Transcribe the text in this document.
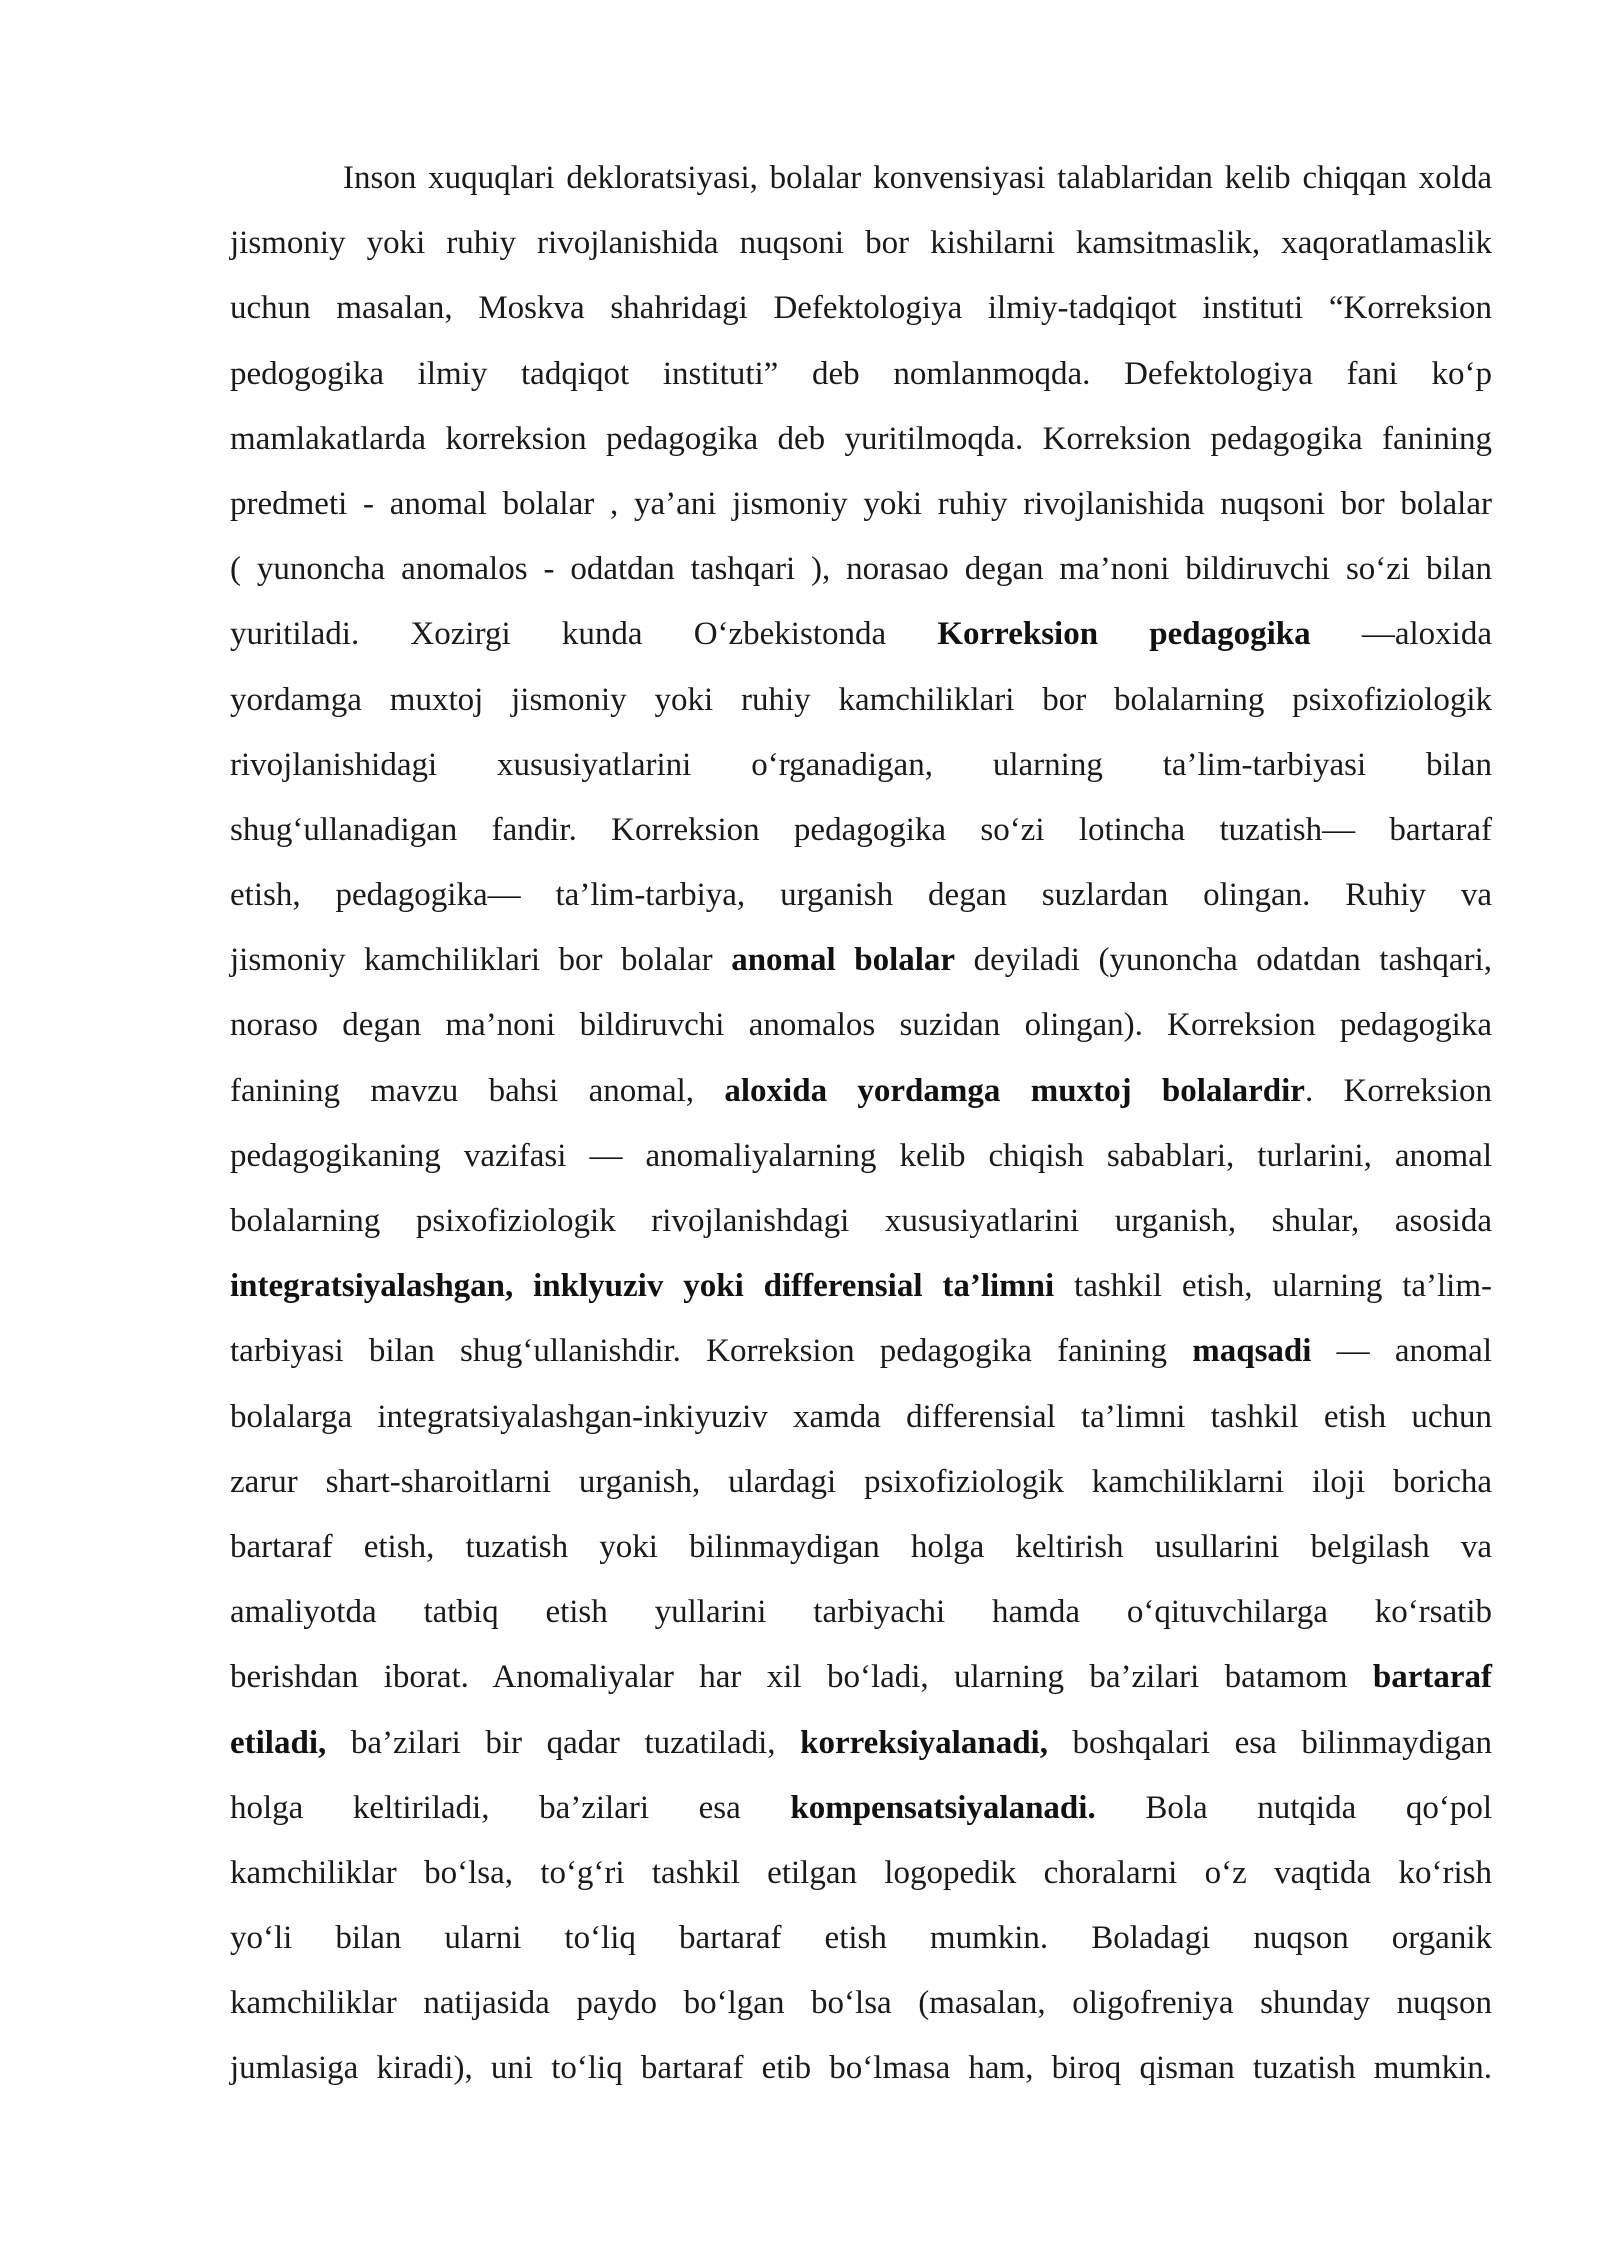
Inson xuquqlari dekloratsiyasi, bolalar konvensiyasi talablaridan kelib chiqqan xolda
jismoniy yoki ruhiy rivojlanishida nuqsoni bor kishilarni kamsitmaslik, xaqoratlamaslik
uchun masalan, Moskva shahridagi Defektologiya ilmiy-tadqiqot instituti “Korreksion
pedogogika ilmiy tadqiqot instituti” deb nomlanmoqda. Defektologiya fani koʻp
mamlakatlarda korreksion pedagogika deb yuritilmoqda. Korreksion pedagogika fanining
predmeti - anomal bolalar , ya’ani jismoniy yoki ruhiy rivojlanishida nuqsoni bor bolalar
( yunoncha anomalos - odatdan tashqari ), norasao degan ma’noni bildiruvchi soʻzi bilan
yuritiladi. Xozirgi kunda Oʻzbekistonda Korreksion pedagogika —aloxida
yordamga muxtoj jismoniy yoki ruhiy kamchiliklari bor bolalarning psixofiziologik
rivojlanishidagi xususiyatlarini oʻrganadigan, ularning ta’lim-tarbiyasi bilan
shugʻullanadigan fandir. Korreksion pedagogika soʻzi lotincha tuzatish— bartaraf
etish, pedagogika— ta’lim-tarbiya, urganish degan suzlardan olingan. Ruhiy va
jismoniy kamchiliklari bor bolalar anomal bolalar deyiladi (yunoncha odatdan tashqari,
noraso degan ma’noni bildiruvchi anomalos suzidan olingan). Korreksion pedagogika
fanining mavzu bahsi anomal, aloxida yordamga muxtoj bolalardir. Korreksion
pedagogikaning vazifasi — anomaliyalarning kelib chiqish sabablari, turlarini, anomal
bolalarning psixofiziologik rivojlanishdagi xususiyatlarini urganish, shular, asosida
integratsiyalashgan, inklyuziv yoki differensial ta’limni tashkil etish, ularning ta’lim-
tarbiyasi bilan shugʻullanishdir. Korreksion pedagogika fanining maqsadi — anomal
bolalarga integratsiyalashgan-inkiyuziv xamda differensial ta’limni tashkil etish uchun
zarur shart-sharoitlarni urganish, ulardagi psixofiziologik kamchiliklarni iloji boricha
bartaraf etish, tuzatish yoki bilinmaydigan holga keltirish usullarini belgilash va
amaliyotda tatbiq etish yullarini tarbiyachi hamda oʻqituvchilarga koʻrsatib
berishdan iborat. Anomaliyalar har xil boʻladi, ularning ba’zilari batamom bartaraf
etiladi, ba’zilari bir qadar tuzatiladi, korreksiyalanadi, boshqalari esa bilinmaydigan
holga keltiriladi, ba’zilari esa kompensatsiyalanadi. Bola nutqida qoʻpol
kamchiliklar boʻlsa, toʻgʻri tashkil etilgan logopedik choralarni oʻz vaqtida koʻrish
yoʻli bilan ularni toʻliq bartaraf etish mumkin. Boladagi nuqson organik
kamchiliklar natijasida paydo boʻlgan boʻlsa (masalan, oligofreniya shunday nuqson
jumlasiga kiradi), uni toʻliq bartaraf etib boʻlmasa ham, biroq qisman tuzatish mumkin.
